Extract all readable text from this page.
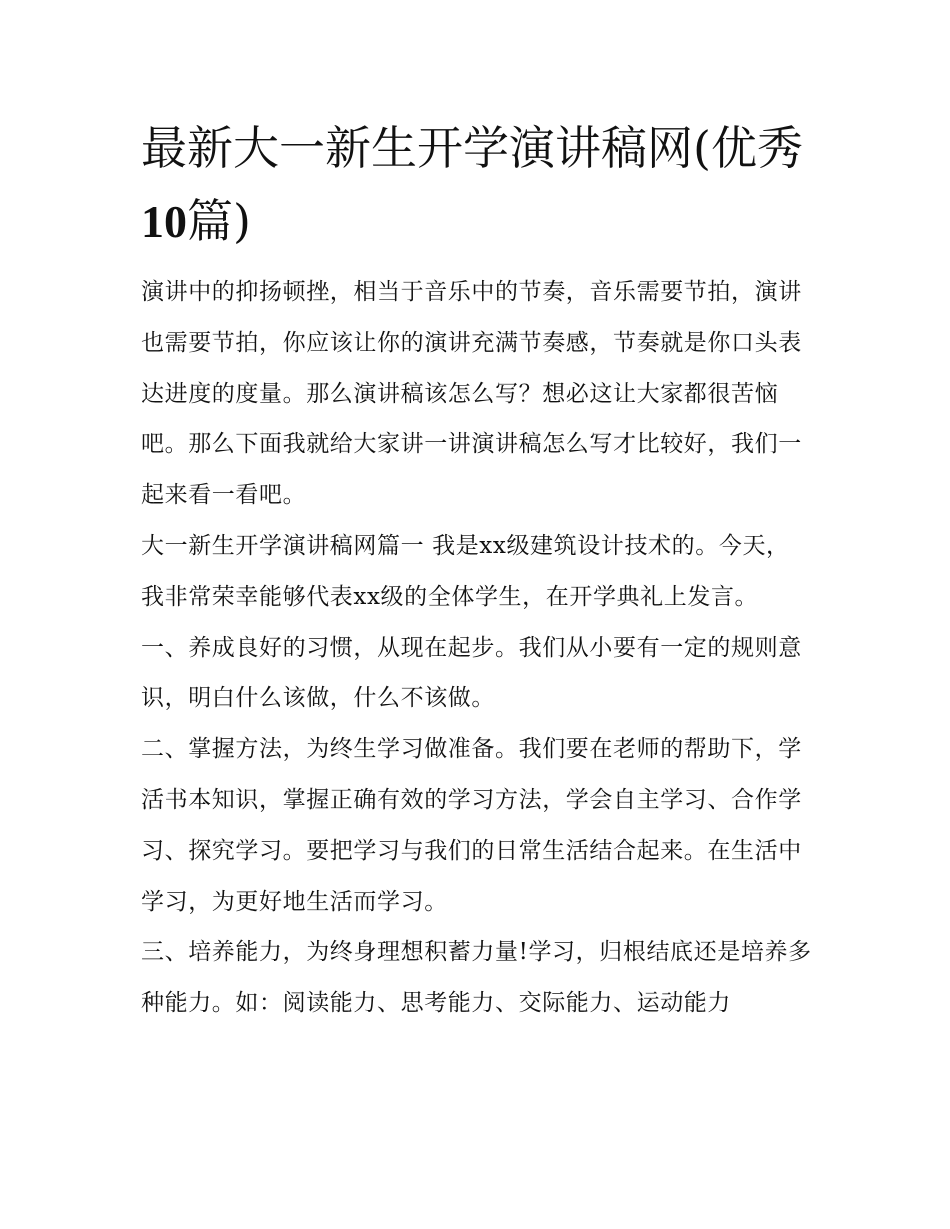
最新大一新生开学演讲稿网(优秀10篇)

演讲中的抑扬顿挫，相当于音乐中的节奏，音乐需要节拍，演讲也需要节拍，你应该让你的演讲充满节奏感，节奏就是你口头表达进度的度量。那么演讲稿该怎么写？想必这让大家都很苦恼吧。那么下面我就给大家讲一讲演讲稿怎么写才比较好，我们一起来看一看吧。

大一新生开学演讲稿网篇一 我是xx级建筑设计技术的。今天，我非常荣幸能够代表xx级的全体学生，在开学典礼上发言。

一、养成良好的习惯，从现在起步。我们从小要有一定的规则意识，明白什么该做，什么不该做。

二、掌握方法，为终生学习做准备。我们要在老师的帮助下，学活书本知识，掌握正确有效的学习方法，学会自主学习、合作学习、探究学习。要把学习与我们的日常生活结合起来。在生活中学习，为更好地生活而学习。

三、培养能力，为终身理想积蓄力量!学习，归根结底还是培养多种能力。如：阅读能力、思考能力、交际能力、运动能力
